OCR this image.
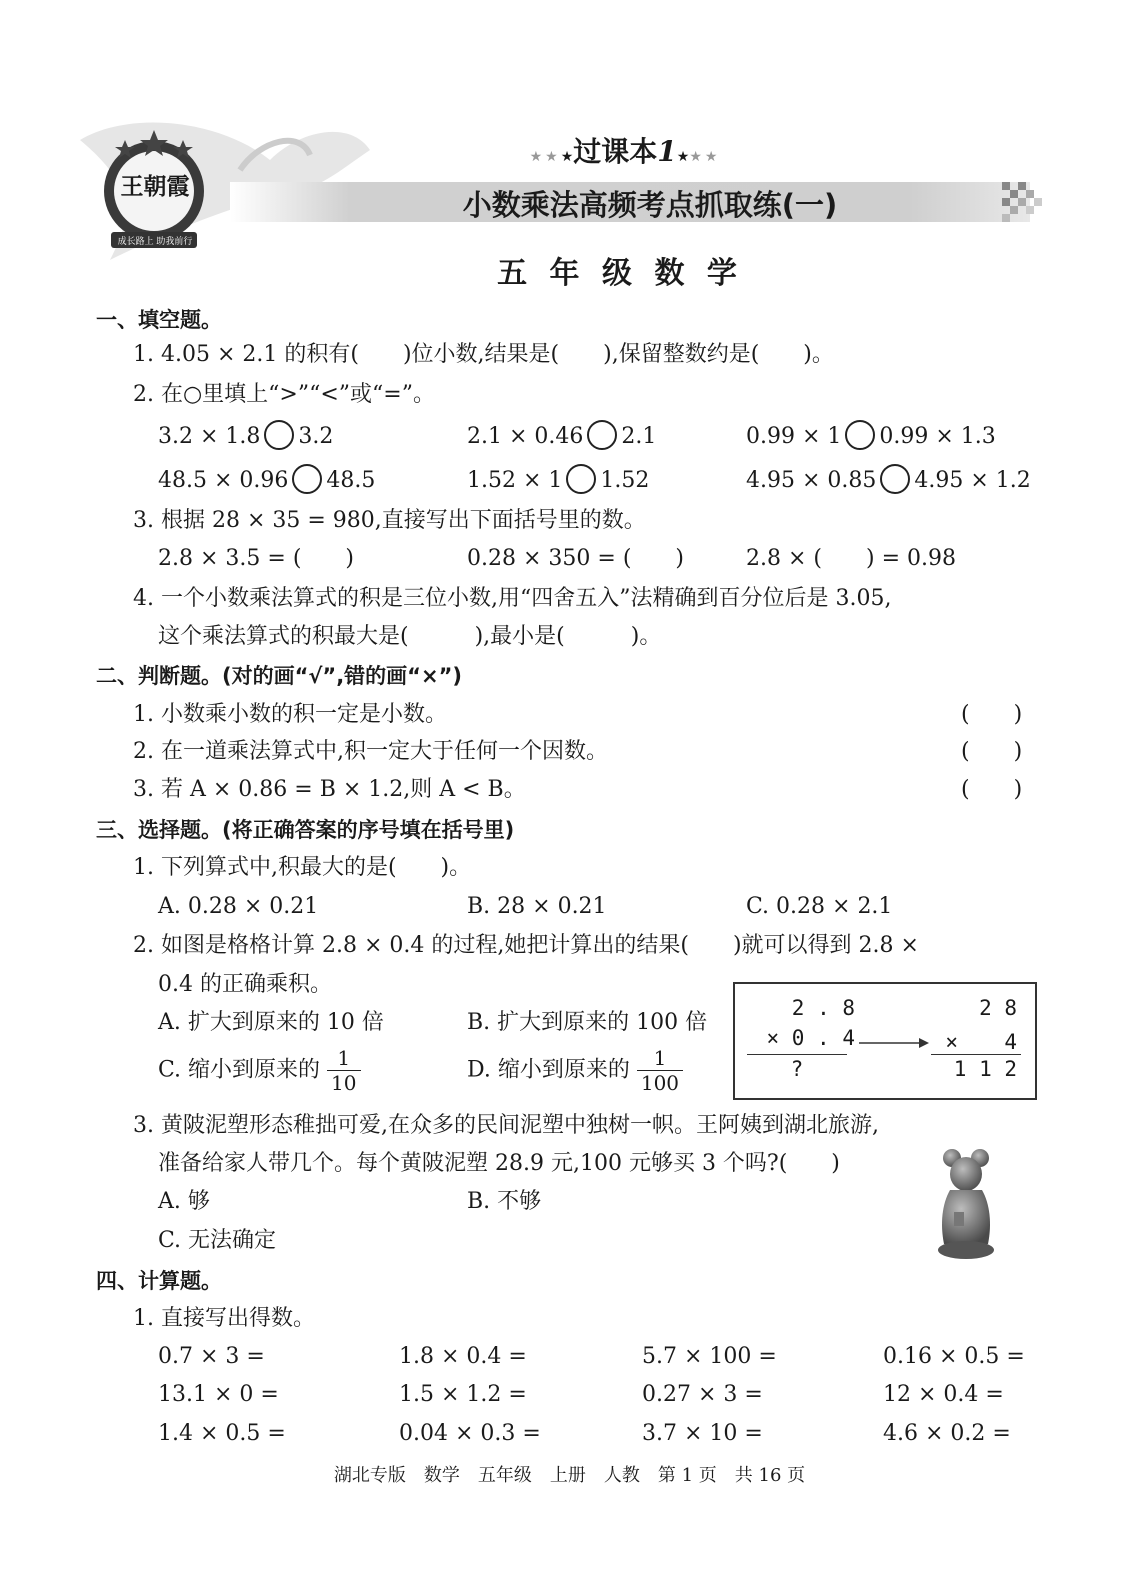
王朝霞
成长路上 助我前行
★★★过课本1★★★
小数乘法高频考点抓取练(一)
五 年 级 数 学
一、填空题。
1. 4.05 × 2.1 的积有(　　)位小数,结果是(　　),保留整数约是(　　)。
2. 在○里填上“>”“<”或“=”。
3.2 × 1.8 3.2	2.1 × 0.46 2.1	0.99 × 1 0.99 × 1.3
48.5 × 0.96 48.5	1.52 × 1 1.52	4.95 × 0.85 4.95 × 1.2
3. 根据 28 × 35 = 980,直接写出下面括号里的数。
2.8 × 3.5 = (　　)	0.28 × 350 = (　　)	2.8 × (　　) = 0.98
4. 一个小数乘法算式的积是三位小数,用“四舍五入”法精确到百分位后是 3.05,
这个乘法算式的积最大是(　　　),最小是(　　　)。
二、判断题。(对的画“√”,错的画“×”)
1. 小数乘小数的积一定是小数。	(　　)
2. 在一道乘法算式中,积一定大于任何一个因数。	(　　)
3. 若 A × 0.86 = B × 1.2,则 A < B。	(　　)
三、选择题。(将正确答案的序号填在括号里)
1. 下列算式中,积最大的是(　　)。
A. 0.28 × 0.21	B. 28 × 0.21	C. 0.28 × 2.1
2. 如图是格格计算 2.8 × 0.4 的过程,她把计算出的结果(　　)就可以得到 2.8 ×
0.4 的正确乘积。
A. 扩大到原来的 10 倍	B. 扩大到原来的 100 倍
C. 缩小到原来的 $\frac{1}{10}$	D. 缩小到原来的 $\frac{1}{100}$
2 . 8
× 0 . 4
?
2 8
× 　 4
1 1 2
3. 黄陂泥塑形态稚拙可爱,在众多的民间泥塑中独树一帜。王阿姨到湖北旅游,
准备给家人带几个。每个黄陂泥塑 28.9 元,100 元够买 3 个吗?(　　)
A. 够	B. 不够
C. 无法确定
四、计算题。
1. 直接写出得数。
0.7 × 3 =	1.8 × 0.4 =	5.7 × 100 =	0.16 × 0.5 =
13.1 × 0 =	1.5 × 1.2 =	0.27 × 3 =	12 × 0.4 =
1.4 × 0.5 =	0.04 × 0.3 =	3.7 × 10 =	4.6 × 0.2 =
湖北专版　数学　五年级　上册　人教　第 1 页　共 16 页
